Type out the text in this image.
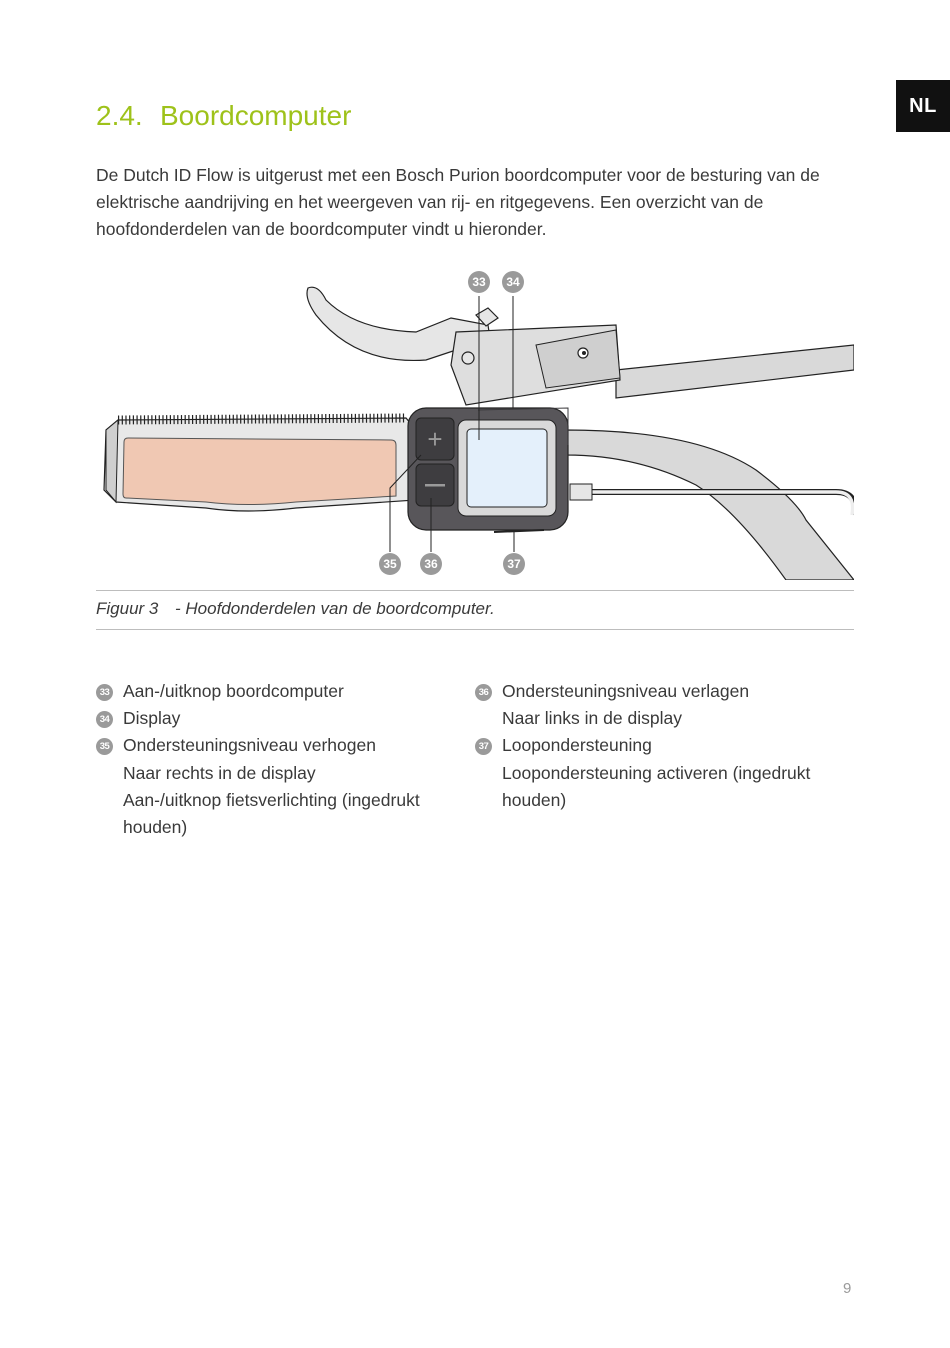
NL
2.4. Boordcomputer

De Dutch ID Flow is uitgerust met een Bosch Purion boordcomputer voor de besturing van de elektrische aandrijving en het weergeven van rij- en ritgegevens. Een overzicht van de hoofdonderdelen van de boordcomputer vindt u hieronder.

+
33 34
35 36	37
Figuur 3 - Hoofdonderdelen van de boordcomputer.
33 Aan-/uitknop boordcomputer
34 Display
35 Ondersteuningsniveau verhogen
Naar rechts in de display
Aan-/uitknop fietsverlichting (ingedrukt houden)
36 Ondersteuningsniveau verlagen
Naar links in de display
37 Loopondersteuning
Loopondersteuning activeren (ingedrukt houden)
9
